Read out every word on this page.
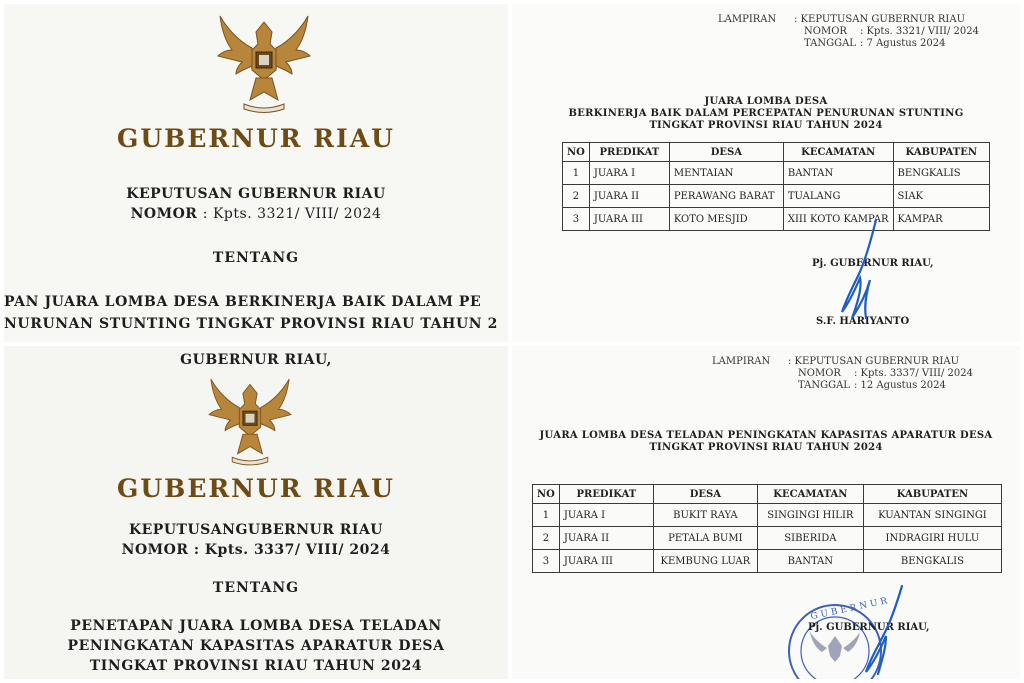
GUBERNUR RIAU
KEPUTUSAN GUBERNUR RIAU
NOMOR : Kpts. 3321/ VIII/ 2024
TENTANG
PAN JUARA LOMBA DESA BERKINERJA BAIK DALAM PE
NURUNAN STUNTING TINGKAT PROVINSI RIAU TAHUN 2
LAMPIRAN : KEPUTUSAN GUBERNUR RIAU
NOMOR : Kpts. 3321/ VIII/ 2024
TANGGAL : 7 Agustus 2024
JUARA LOMBA DESA
BERKINERJA BAIK DALAM PERCEPATAN PENURUNAN STUNTING
TINGKAT PROVINSI RIAU TAHUN 2024
NO	PREDIKAT	DESA	KECAMATAN	KABUPATEN
1	JUARA I	MENTAIAN	BANTAN	BENGKALIS
2	JUARA II	PERAWANG BARAT	TUALANG	SIAK
3	JUARA III	KOTO MESJID	XIII KOTO KAMPAR	KAMPAR
Pj. GUBERNUR RIAU,
S.F. HARIYANTO
GUBERNUR RIAU,
GUBERNUR RIAU
KEPUTUSANGUBERNUR RIAU
NOMOR : Kpts. 3337/ VIII/ 2024
TENTANG
PENETAPAN JUARA LOMBA DESA TELADAN
PENINGKATAN KAPASITAS APARATUR DESA
TINGKAT PROVINSI RIAU TAHUN 2024
LAMPIRAN : KEPUTUSAN GUBERNUR RIAU
NOMOR : Kpts. 3337/ VIII/ 2024
TANGGAL : 12 Agustus 2024
JUARA LOMBA DESA TELADAN PENINGKATAN KAPASITAS APARATUR DESA
TINGKAT PROVINSI RIAU TAHUN 2024
NO	PREDIKAT	DESA	KECAMATAN	KABUPATEN
1	JUARA I	BUKIT RAYA	SINGINGI HILIR	KUANTAN SINGINGI
2	JUARA II	PETALA BUMI	SIBERIDA	INDRAGIRI HULU
3	JUARA III	KEMBUNG LUAR	BANTAN	BENGKALIS
GUBERNUR
Pj. GUBERNUR RIAU,
